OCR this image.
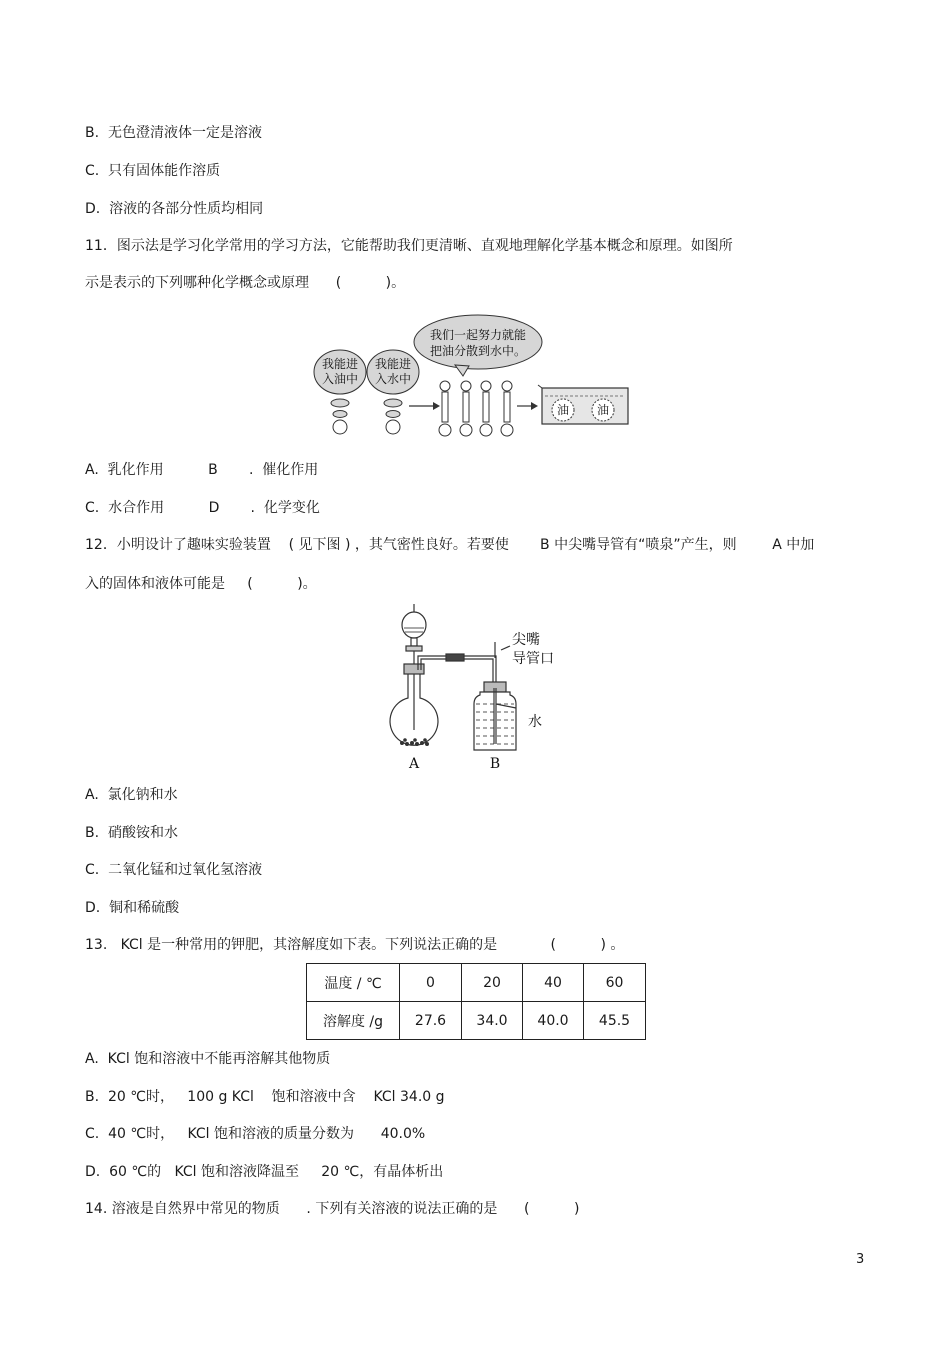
B.  无色澄清液体一定是溶液
C.  只有固体能作溶质
D.  溶液的各部分性质均相同
11．图示法是学习化学常用的学习方法，它能帮助我们更清晰、直观地理解化学基本概念和原理。如图所
示是表示的下列哪种化学概念或原理      (          )。
我们一起努力就能
把油分散到水中。
我能进
入油中
我能进
入水中
油 油
A.  乳化作用          B       .  催化作用
C.  水合作用          D       .  化学变化
12．小明设计了趣味实验装置    ( 见下图 ) ，其气密性良好。若要使       B 中尖嘴导管有“喷泉”产生，则        A 中加
入的固体和液体可能是     (          )。
尖嘴
导管口
水
A	B
A.  氯化钠和水
B.  硝酸铵和水
C.  二氧化锰和过氧化氢溶液
D.  铜和稀硫酸
13.   KCl 是一种常用的钾肥，其溶解度如下表。下列说法正确的是            (          ) 。
温度 / ℃	0	20	40	60
溶解度 /g	27.6	34.0	40.0	45.5
A.  KCl 饱和溶液中不能再溶解其他物质
B.  20 ℃时，   100 g KCl    饱和溶液中含    KCl 34.0 g
C.  40 ℃时，   KCl 饱和溶液的质量分数为      40.0%
D.  60 ℃的   KCl 饱和溶液降温至     20 ℃，有晶体析出
14. 溶液是自然界中常见的物质      . 下列有关溶液的说法正确的是      (          )
3
